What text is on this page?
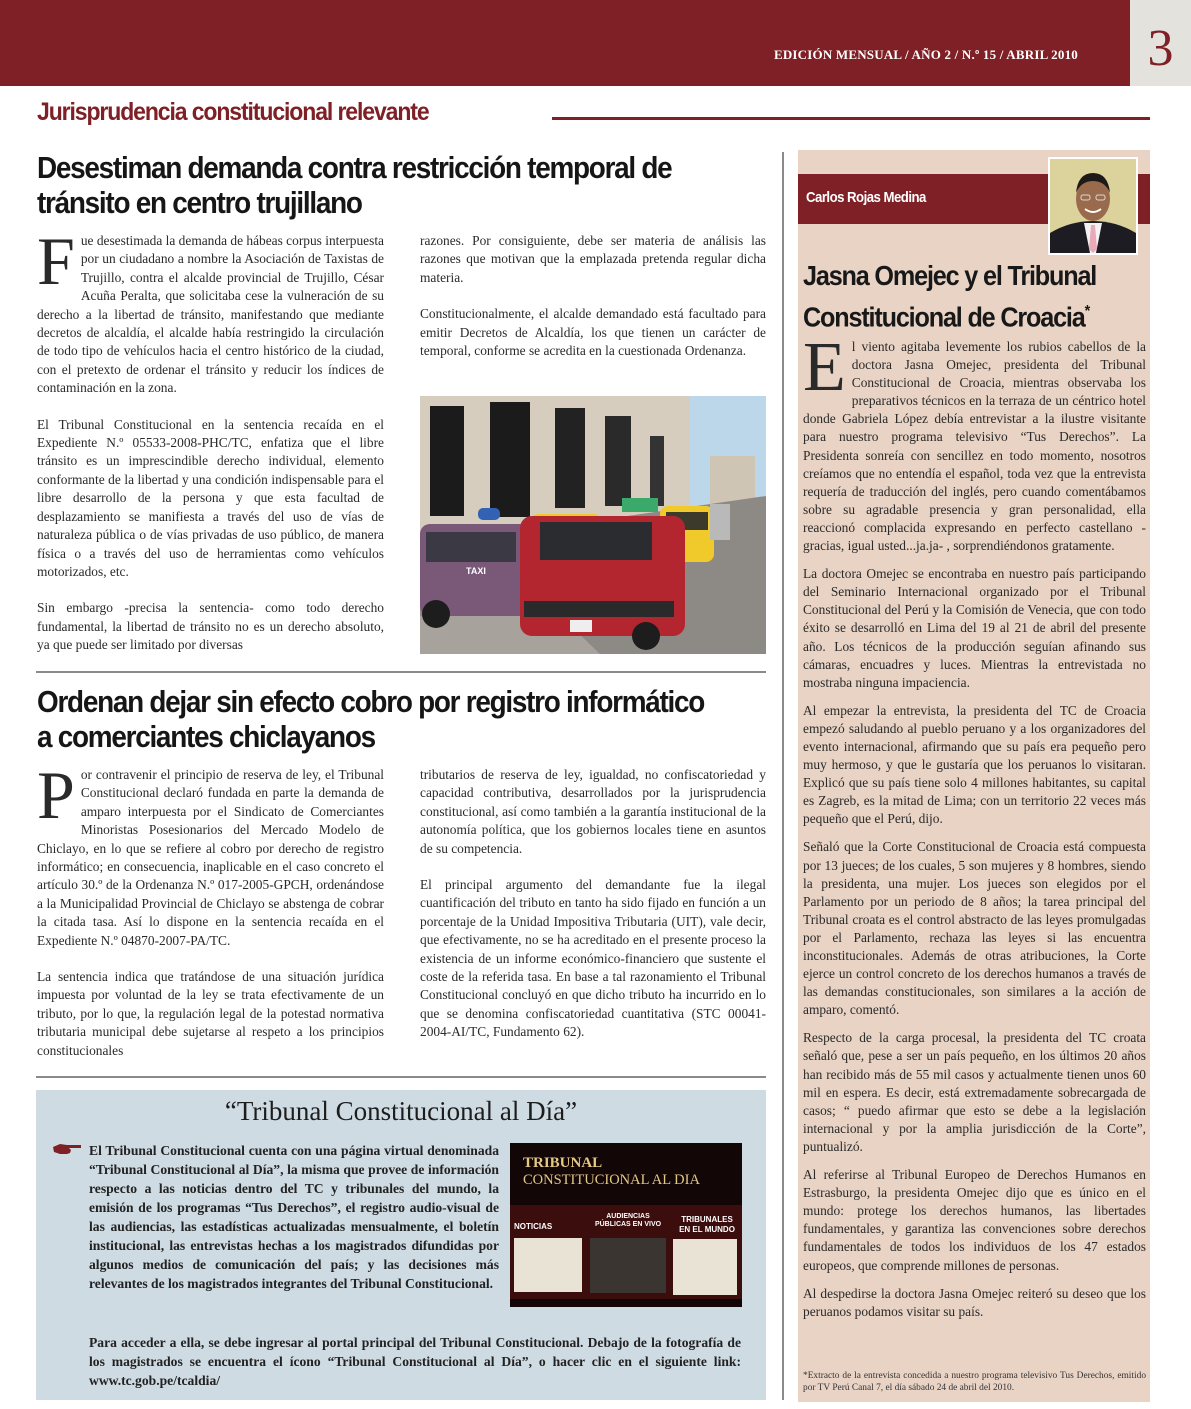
EDICIÓN MENSUAL / AÑO 2 / N.º 15 / ABRIL 2010	3
Jurisprudencia constitucional relevante
Desestiman demanda contra restricción temporal de
tránsito en centro trujillano

Fue desestimada la demanda de hábeas corpus interpuesta por un ciudadano a nombre la Asociación de Taxistas de Trujillo, contra el alcalde provincial de Trujillo, César Acuña Peralta, que solicitaba cese la vulneración de su derecho a la libertad de tránsito, manifestando que mediante decretos de alcaldía, el alcalde había restringido la circulación de todo tipo de vehículos hacia el centro histórico de la ciudad, con el pretexto de ordenar el tránsito y reducir los índices de contaminación en la zona.

El Tribunal Constitucional en la sentencia recaída en el Expediente N.º 05533-2008-PHC/TC, enfatiza que el libre tránsito es un imprescindible derecho individual, elemento conformante de la libertad y una condición indispensable para el libre desarrollo de la persona y que esta facultad de desplazamiento se manifiesta a través del uso de vías de naturaleza pública o de vías privadas de uso público, de manera física o a través del uso de herramientas como vehículos motorizados, etc.

Sin embargo -precisa la sentencia- como todo derecho fundamental, la libertad de tránsito no es un derecho absoluto, ya que puede ser limitado por diversas

razones. Por consiguiente, debe ser materia de análisis las razones que motivan que la emplazada pretenda regular dicha materia.

Constitucionalmente, el alcalde demandado está facultado para emitir Decretos de Alcaldía, los que tienen un carácter de temporal, conforme se acredita en la cuestionada Ordenanza.

TAXI
Ordenan dejar sin efecto cobro por registro informático
a comerciantes chiclayanos

Por contravenir el principio de reserva de ley, el Tribunal Constitucional declaró fundada en parte la demanda de amparo interpuesta por el Sindicato de Comerciantes Minoristas Posesionarios del Mercado Modelo de Chiclayo, en lo que se refiere al cobro por derecho de registro informático; en consecuencia, inaplicable en el caso concreto el artículo 30.º de la Ordenanza N.º 017-2005-GPCH, ordenándose a la Municipalidad Provincial de Chiclayo se abstenga de cobrar la citada tasa. Así lo dispone en la sentencia recaída en el Expediente N.º 04870-2007-PA/TC.

La sentencia indica que tratándose de una situación jurídica impuesta por voluntad de la ley se trata efectivamente de un tributo, por lo que, la regulación legal de la potestad normativa tributaria municipal debe sujetarse al respeto a los principios constitucionales

tributarios de reserva de ley, igualdad, no confiscatoriedad y capacidad contributiva, desarrollados por la jurisprudencia constitucional, así como también a la garantía institucional de la autonomía política, que los gobiernos locales tiene en asuntos de su competencia.

El principal argumento del demandante fue la ilegal cuantificación del tributo en tanto ha sido fijado en función a un porcentaje de la Unidad Impositiva Tributaria (UIT), vale decir, que efectivamente, no se ha acreditado en el presente proceso la existencia de un informe económico-financiero que sustente el coste de la referida tasa. En base a tal razonamiento el Tribunal Constitucional concluyó en que dicho tributo ha incurrido en lo que se denomina confiscatoriedad cuantitativa (STC 00041-2004-AI/TC, Fundamento 62).

“Tribunal Constitucional al Día”
El Tribunal Constitucional cuenta con una página virtual denominada “Tribunal Constitucional al Día”, la misma que provee de información respecto a las noticias dentro del TC y tribunales del mundo, la emisión de los programas “Tus Derechos”, el registro audio-visual de las audiencias, las estadísticas actualizadas mensualmente, el boletín institucional, las entrevistas hechas a los magistrados difundidas por algunos medios de comunicación del país; y las decisiones más relevantes de los magistrados integrantes del Tribunal Constitucional.
TRIBUNAL
CONSTITUCIONAL AL DIA
NOTICIAS
AUDIENCIAS PÚBLICAS EN VIVO
TRIBUNALES EN EL MUNDO
Para acceder a ella, se debe ingresar al portal principal del Tribunal Constitucional. Debajo de la fotografía de los magistrados se encuentra el ícono “Tribunal Constitucional al Día”, o hacer clic en el siguiente link: www.tc.gob.pe/tcaldia/
Carlos Rojas Medina
Jasna Omejec y el Tribunal
Constitucional de Croacia*

El viento agitaba levemente los rubios cabellos de la doctora Jasna Omejec, presidenta del Tribunal Constitucional de Croacia, mientras observaba los preparativos técnicos en la terraza de un céntrico hotel donde Gabriela López debía entrevistar a la ilustre visitante para nuestro programa televisivo “Tus Derechos”. La Presidenta sonreía con sencillez en todo momento, nosotros creíamos que no entendía el español, toda vez que la entrevista requería de traducción del inglés, pero cuando comentábamos sobre su agradable presencia y gran personalidad, ella reaccionó complacida expresando en perfecto castellano -gracias, igual usted...ja.ja- , sorprendiéndonos gratamente.

La doctora Omejec se encontraba en nuestro país participando del Seminario Internacional organizado por el Tribunal Constitucional del Perú y la Comisión de Venecia, que con todo éxito se desarrolló en Lima del 19 al 21 de abril del presente año. Los técnicos de la producción seguían afinando sus cámaras, encuadres y luces. Mientras la entrevistada no mostraba ninguna impaciencia.

Al empezar la entrevista, la presidenta del TC de Croacia empezó saludando al pueblo peruano y a los organizadores del evento internacional, afirmando que su país era pequeño pero muy hermoso, y que le gustaría que los peruanos lo visitaran. Explicó que su país tiene solo 4 millones habitantes, su capital es Zagreb, es la mitad de Lima; con un territorio 22 veces más pequeño que el Perú, dijo.

Señaló que la Corte Constitucional de Croacia está compuesta por 13 jueces; de los cuales, 5 son mujeres y 8 hombres, siendo la presidenta, una mujer. Los jueces son elegidos por el Parlamento por un periodo de 8 años; la tarea principal del Tribunal croata es el control abstracto de las leyes promulgadas por el Parlamento, rechaza las leyes si las encuentra inconstitucionales. Además de otras atribuciones, la Corte ejerce un control concreto de los derechos humanos a través de las demandas constitucionales, son similares a la acción de amparo, comentó.

Respecto de la carga procesal, la presidenta del TC croata señaló que, pese a ser un país pequeño, en los últimos 20 años han recibido más de 55 mil casos y actualmente tienen unos 60 mil en espera. Es decir, está extremadamente sobrecargada de casos; “ puedo afirmar que esto se debe a la legislación internacional y por la amplia jurisdicción de la Corte”, puntualizó.

Al referirse al Tribunal Europeo de Derechos Humanos en Estrasburgo, la presidenta Omejec dijo que es único en el mundo: protege los derechos humanos, las libertades fundamentales, y garantiza las convenciones sobre derechos fundamentales de todos los individuos de los 47 estados europeos, que comprende millones de personas.

Al despedirse la doctora Jasna Omejec reiteró su deseo que los peruanos podamos visitar su país.

*Extracto de la entrevista concedida a nuestro programa televisivo Tus Derechos, emitido por TV Perú Canal 7, el día sábado 24 de abril del 2010.
